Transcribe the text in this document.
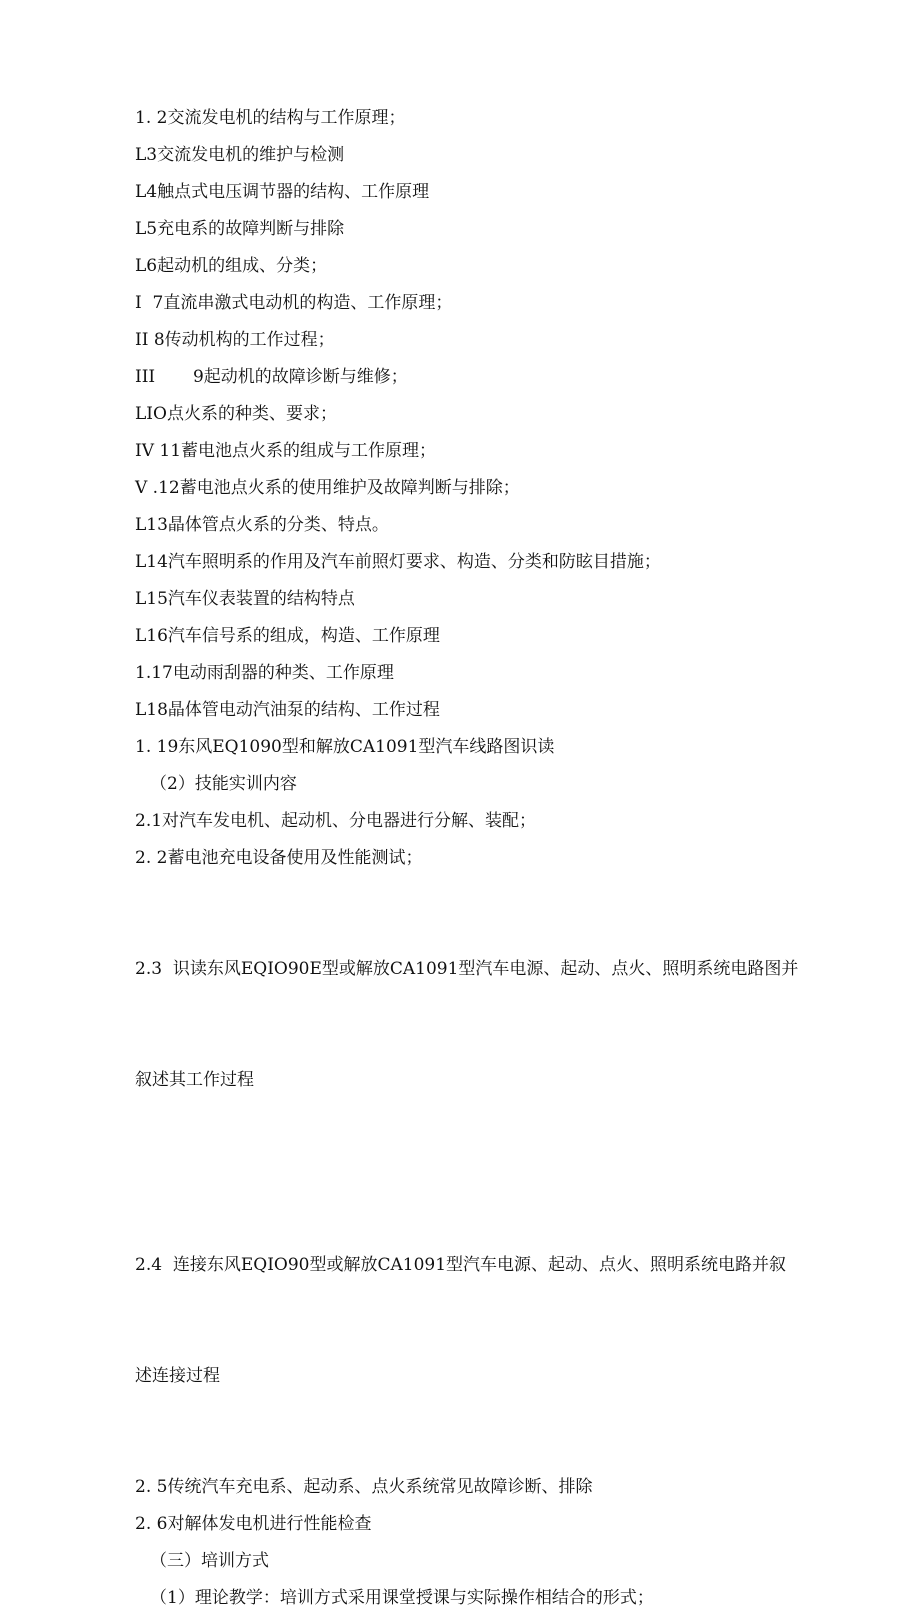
1. 2交流发电机的结构与工作原理；

L3交流发电机的维护与检测

L4触点式电压调节器的结构、工作原理

L5充电系的故障判断与排除

L6起动机的组成、分类；

I  7直流串激式电动机的构造、工作原理；

II 8传动机构的工作过程；

III       9起动机的故障诊断与维修；

LIO点火系的种类、要求；

IV 11蓄电池点火系的组成与工作原理；

V .12蓄电池点火系的使用维护及故障判断与排除；

L13晶体管点火系的分类、特点。

L14汽车照明系的作用及汽车前照灯要求、构造、分类和防眩目措施；

L15汽车仪表装置的结构特点

L16汽车信号系的组成，构造、工作原理

1.17电动雨刮器的种类、工作原理

L18晶体管电动汽油泵的结构、工作过程

1. 19东风EQ1090型和解放CA1091型汽车线路图识读

（2）技能实训内容

2.1对汽车发电机、起动机、分电器进行分解、装配；

2. 2蓄电池充电设备使用及性能测试；

2.3  识读东风EQIO90E型或解放CA1091型汽车电源、起动、点火、照明系统电路图并

叙述其工作过程

2.4  连接东风EQIO90型或解放CA1091型汽车电源、起动、点火、照明系统电路并叙

述连接过程

2. 5传统汽车充电系、起动系、点火系统常见故障诊断、排除

2. 6对解体发电机进行性能检查

（三）培训方式

（1）理论教学：培训方式采用课堂授课与实际操作相结合的形式；
